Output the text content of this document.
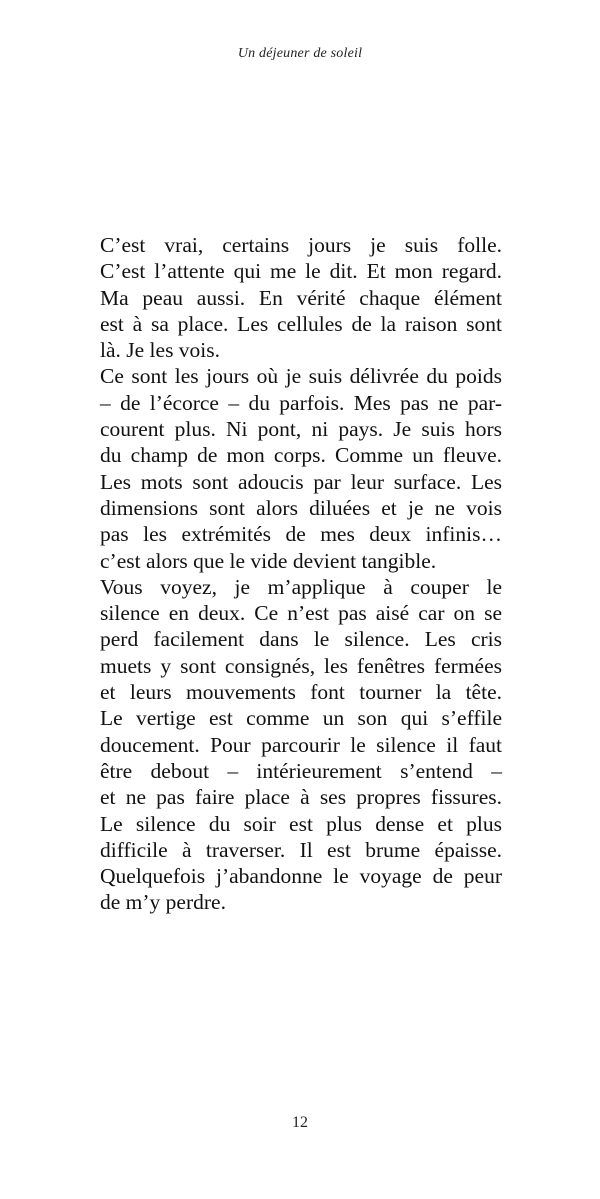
Un déjeuner de soleil
C’est vrai, certains jours je suis folle.
C’est l’attente qui me le dit. Et mon regard.
Ma peau aussi. En vérité chaque élément
est à sa place. Les cellules de la raison sont
là. Je les vois.
Ce sont les jours où je suis délivrée du poids
– de l’écorce – du parfois. Mes pas ne par-
courent plus. Ni pont, ni pays. Je suis hors
du champ de mon corps. Comme un fleuve.
Les mots sont adoucis par leur surface. Les
dimensions sont alors diluées et je ne vois
pas les extrémités de mes deux infinis…
c’est alors que le vide devient tangible.
Vous voyez, je m’applique à couper le
silence en deux. Ce n’est pas aisé car on se
perd facilement dans le silence. Les cris
muets y sont consignés, les fenêtres fermées
et leurs mouvements font tourner la tête.
Le vertige est comme un son qui s’effile
doucement. Pour parcourir le silence il faut
être debout – intérieurement s’entend –
et ne pas faire place à ses propres fissures.
Le silence du soir est plus dense et plus
difficile à traverser. Il est brume épaisse.
Quelquefois j’abandonne le voyage de peur
de m’y perdre.
12
